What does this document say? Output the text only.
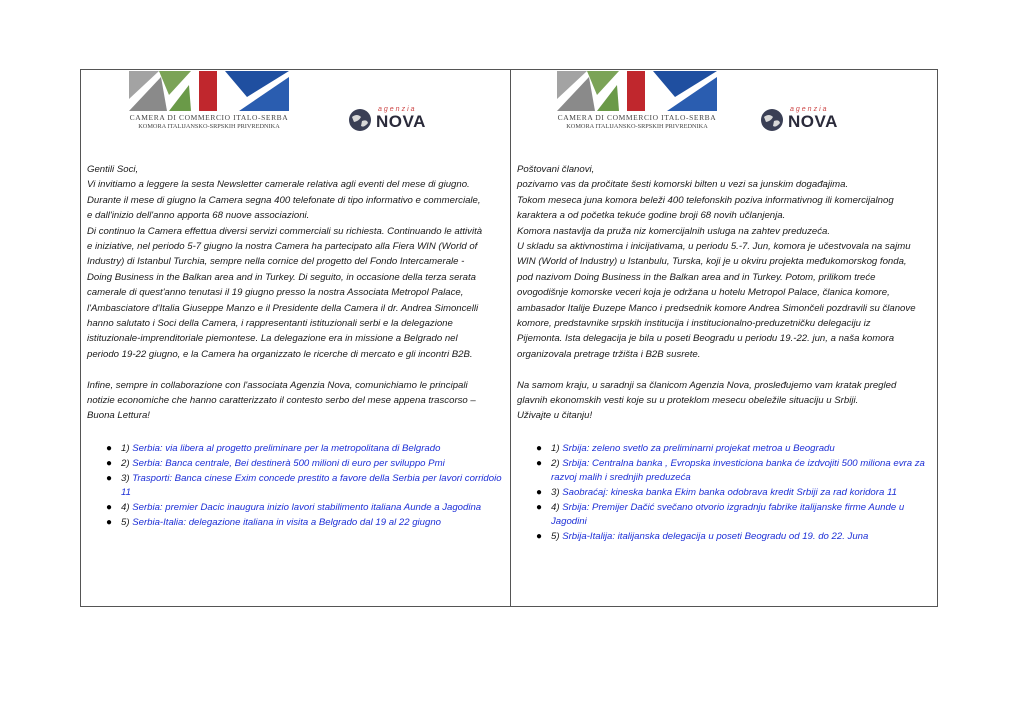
CAMERA DI COMMERCIO ITALO-SERBA
KOMORA ITALIJANSKO-SRPSKIH PRIVREDNIKA
agenzia
NOVA

Gentili Soci,

Vi invitiamo a leggere la sesta Newsletter camerale relativa agli eventi del mese di giugno.
Durante il mese di giugno la Camera segna 400 telefonate di tipo informativo e commerciale,
e dall'inizio dell'anno apporta 68 nuove associazioni.
Di continuo la Camera effettua diversi servizi commerciali su richiesta. Continuando le attività
e iniziative, nel periodo 5-7 giugno la nostra Camera ha partecipato alla Fiera WIN (World of
Industry) di Istanbul Turchia, sempre nella cornice del progetto del Fondo Intercamerale -
Doing Business in the Balkan area and in Turkey. Di seguito, in occasione della terza serata
camerale di quest'anno tenutasi il 19 giugno presso la nostra Associata Metropol Palace,
l'Ambasciatore d'Italia Giuseppe Manzo e il Presidente della Camera il dr. Andrea Simoncelli
hanno salutato i Soci della Camera, i rappresentanti istituzionali serbi e la delegazione
istituzionale-imprenditoriale piemontese. La delegazione era in missione a Belgrado nel
periodo 19-22 giugno, e la Camera ha organizzato le ricerche di mercato e gli incontri B2B.

Infine, sempre in collaborazione con l'associata Agenzia Nova, comunichiamo le principali
notizie economiche che hanno caratterizzato il contesto serbo del mese appena trascorso –
Buona Lettura!

● 1) Serbia: via libera al progetto preliminare per la metropolitana di Belgrado
● 2) Serbia: Banca centrale, Bei destinerà 500 milioni di euro per sviluppo Pmi
● 3) Trasporti: Banca cinese Exim concede prestito a favore della Serbia per lavori corridoio 11
● 4) Serbia: premier Dacic inaugura inizio lavori stabilimento italiana Aunde a Jagodina
● 5) Serbia-Italia: delegazione italiana in visita a Belgrado dal 19 al 22 giugno
CAMERA DI COMMERCIO ITALO-SERBA
KOMORA ITALIJANSKO-SRPSKIH PRIVREDNIKA
agenzia
NOVA

Poštovani članovi,

pozivamo vas da pročitate šesti komorski bilten u vezi sa junskim događajima.
Tokom meseca juna komora beleži 400 telefonskih poziva informativnog ili komercijalnog
karaktera a od početka tekuće godine broji 68 novih učlanjenja.
Komora nastavlja da pruža niz komercijalnih usluga na zahtev preduzeća.
U skladu sa aktivnostima i inicijativama, u periodu 5.-7. Jun, komora je učestvovala na sajmu
WIN (World of Industry) u Istanbulu, Turska, koji je u okviru projekta međukomorskog fonda,
pod nazivom Doing Business in the Balkan area and in Turkey. Potom, prilikom treće
ovogodišnje komorske veceri koja je održana u hotelu Metropol Palace, članica komore,
ambasador Italije Đuzepe Manco i predsednik komore Andrea Simončeli pozdravili su članove
komore, predstavnike srpskih institucija i institucionalno-preduzetničku delegaciju iz
Pijemonta. Ista delegacija je bila u poseti Beogradu u periodu 19.-22. jun, a naša komora
organizovala pretrage tržišta i B2B susrete.

Na samom kraju, u saradnji sa članicom Agenzia Nova, prosleđujemo vam kratak pregled
glavnih ekonomskih vesti koje su u proteklom mesecu obeležile situaciju u Srbiji.
Uživajte u čitanju!

● 1) Srbija: zeleno svetlo za preliminarni projekat metroa u Beogradu
● 2) Srbija: Centralna banka , Evropska investiciona banka će izdvojiti 500 miliona evra za razvoj malih i srednjih preduzeća
● 3) Saobraćaj: kineska banka Ekim banka odobrava kredit Srbiji za rad koridora 11
● 4) Srbija: Premijer Dačić svečano otvorio izgradnju fabrike italijanske firme Aunde u Jagodini
● 5) Srbija-Italija: italijanska delegacija u poseti Beogradu od 19. do 22. Juna
